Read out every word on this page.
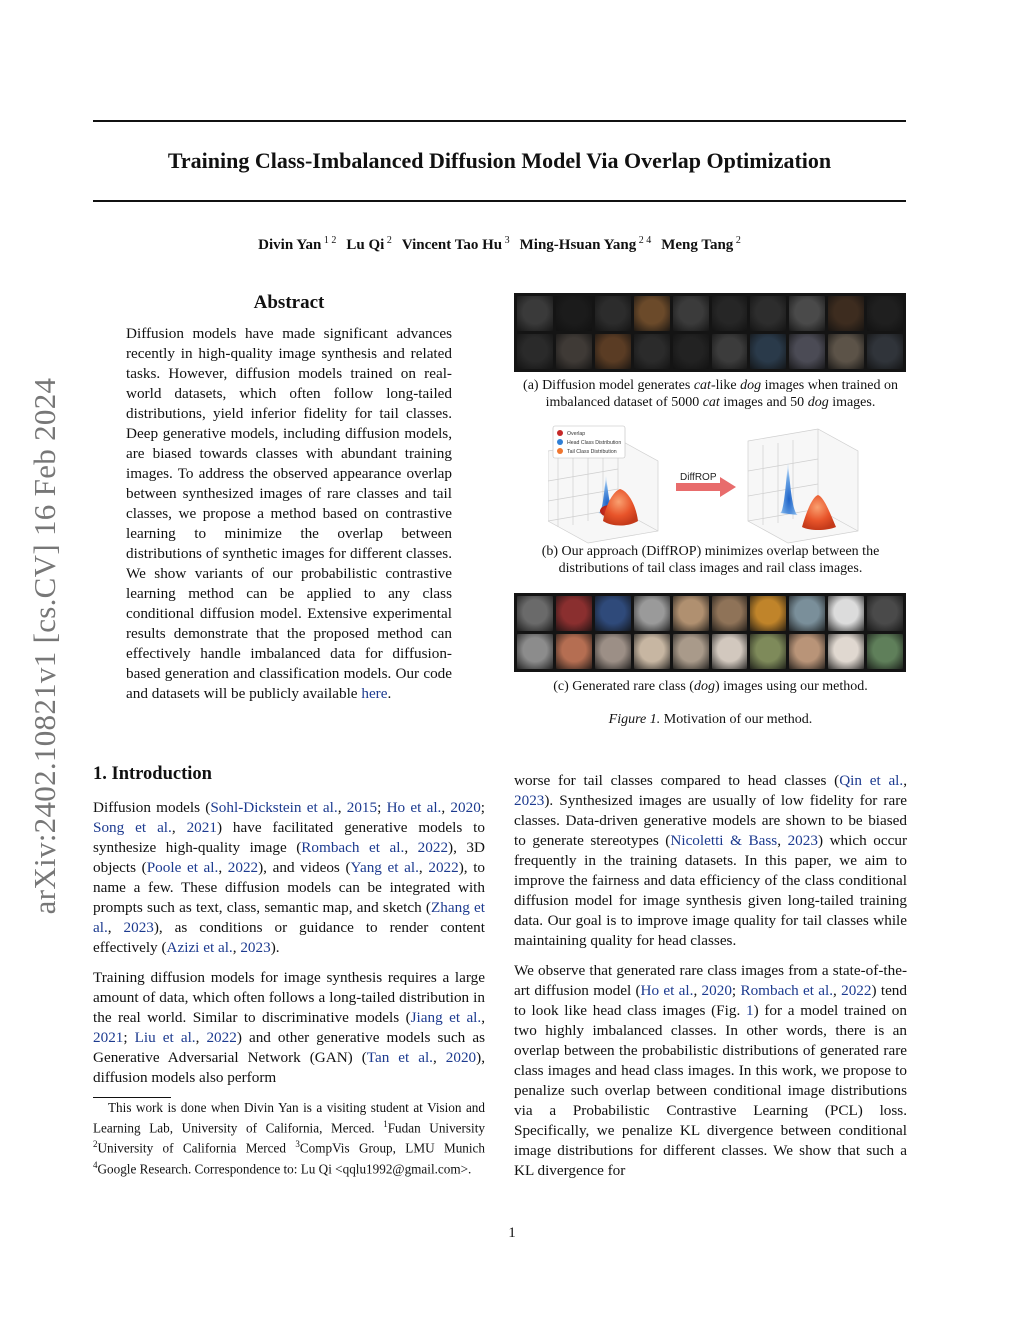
Training Class-Imbalanced Diffusion Model Via Overlap Optimization
Divin Yan $^{1 2}$ Lu Qi $^2$ Vincent Tao Hu $^3$ Ming-Hsuan Yang $^{2 4}$ Meng Tang $^2$
arXiv:2402.10821v1 [cs.CV] 16 Feb 2024
Abstract
Diffusion models have made significant advances recently in high-quality image synthesis and related tasks. However, diffusion models trained on real-world datasets, which often follow long-tailed distributions, yield inferior fidelity for tail classes. Deep generative models, including diffusion models, are biased towards classes with abundant training images. To address the observed appearance overlap between synthesized images of rare classes and tail classes, we propose a method based on contrastive learning to minimize the overlap between distributions of synthetic images for different classes. We show variants of our probabilistic contrastive learning method can be applied to any class conditional diffusion model. Extensive experimental results demonstrate that the proposed method can effectively handle imbalanced data for diffusion-based generation and classification models. Our code and datasets will be publicly available here.
(a) Diffusion model generates cat-like dog images when trained on imbalanced dataset of 5000 cat images and 50 dog images.
Overlap
Head Class Distribution
Tail Class Distribution
DiffROP
(b) Our approach (DiffROP) minimizes overlap between the distributions of tail class images and rail class images.
(c) Generated rare class (dog) images using our method.
Figure 1. Motivation of our method.
1. Introduction

Diffusion models (Sohl-Dickstein et al., 2015; Ho et al., 2020; Song et al., 2021) have facilitated generative models to synthesize high-quality image (Rombach et al., 2022), 3D objects (Poole et al., 2022), and videos (Yang et al., 2022), to name a few. These diffusion models can be integrated with prompts such as text, class, semantic map, and sketch (Zhang et al., 2023), as conditions or guidance to render content effectively (Azizi et al., 2023).

Training diffusion models for image synthesis requires a large amount of data, which often follows a long-tailed distribution in the real world. Similar to discriminative models (Jiang et al., 2021; Liu et al., 2022) and other generative models such as Generative Adversarial Network (GAN) (Tan et al., 2020), diffusion models also perform

worse for tail classes compared to head classes (Qin et al., 2023). Synthesized images are usually of low fidelity for rare classes. Data-driven generative models are shown to be biased to generate stereotypes (Nicoletti & Bass, 2023) which occur frequently in the training datasets. In this paper, we aim to improve the fairness and data efficiency of the class conditional diffusion model for image synthesis given long-tailed training data. Our goal is to improve image quality for tail classes while maintaining quality for head classes.

We observe that generated rare class images from a state-of-the-art diffusion model (Ho et al., 2020; Rombach et al., 2022) tend to look like head class images (Fig. 1) for a model trained on two highly imbalanced classes. In other words, there is an overlap between the probabilistic distributions of generated rare class images and head class images. In this work, we propose to penalize such overlap between conditional image distributions via a Probabilistic Contrastive Learning (PCL) loss. Specifically, we penalize KL divergence between conditional image distributions for different classes. We show that such a KL divergence for

This work is done when Divin Yan is a visiting student at Vision and Learning Lab, University of California, Merced. $^1$Fudan University $^2$University of California Merced $^3$CompVis Group, LMU Munich $^4$Google Research. Correspondence to: Lu Qi <qqlu1992@gmail.com>.
1
